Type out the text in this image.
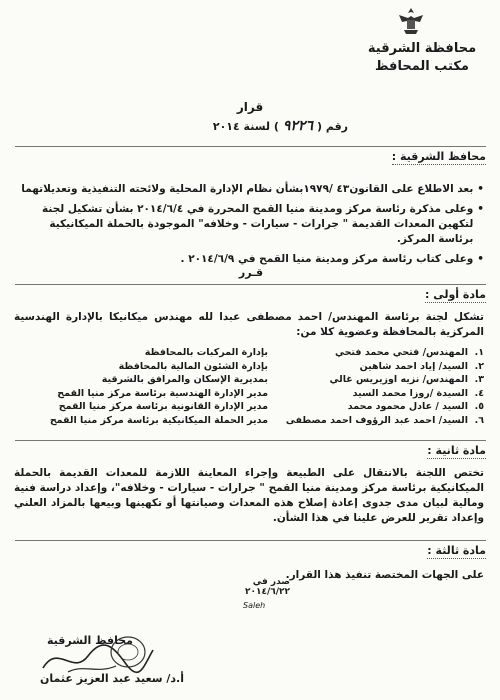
محافظة الشرقية
مكتب المحافظ
قرار
رقم (٩٢٢٦) لسنة ٢٠١٤
محافظ الشرقية :
•
بعد الاطلاع على القانون٤٣ /١٩٧٩بشأن نظام الإدارة المحلية ولائحته التنفيذية وتعديلاتهما
•
وعلى مذكرة رئاسة مركز ومدينة منيا القمح المحررة في ٢٠١٤/٦/٤ بشأن تشكيل لجنة لتكهين المعدات القديمة " جرارات - سيارات - وخلافه" الموجودة بالحملة الميكانيكية برئاسة المركز.
•
وعلى كتاب رئاسة مركز ومدينة منيا القمح في ٢٠١٤/٦/٩ .
قـرر
مادة أولى :
تشكل لجنة برئاسة المهندس/ احمد مصطفى عبدا لله مهندس ميكانيكا بالإدارة الهندسية المركزية بالمحافظة وعضوية كلا من:
١.
المهندس/ فتحي محمد فتحي
بإدارة المركبات بالمحافظة
٢.
السيد/ إياد احمد شاهين
بإدارة الشئون المالية بالمحافظة
٣.
المهندس/ نزيه اوزيريس غالي
بمديرية الإسكان والمرافق بالشرقية
٤.
السيدة /روزا محمد السيد
مدير الإدارة الهندسية برئاسة مركز منيا القمح
٥.
السيد / عادل محمود محمد
مدير الإدارة القانونية برئاسة مركز منيا القمح
٦.
السيد/ احمد عبد الرؤوف احمد مصطفى
مدير الحملة الميكانيكية برئاسة مركز منيا القمح
مادة ثانية :
تختص اللجنة بالانتقال على الطبيعة وإجراء المعاينة اللازمة للمعدات القديمة بالحملة الميكانيكية برئاسة مركز ومدينة منيا القمح " جرارات - سيارات - وخلافه"، وإعداد دراسة فنية ومالية لبيان مدى جدوى إعادة إصلاح هذه المعدات وصيانتها أو تكهينها وبيعها بالمزاد العلني وإعداد تقرير للعرض علينا في هذا الشأن.
مادة ثالثة :
على الجهات المختصة تنفيذ هذا القرار.
صدر في
٢٠١٤/٦/٢٢
Saleh
محافظ الشرقية
أ.د/ سعيد عبد العزيز عثمان
